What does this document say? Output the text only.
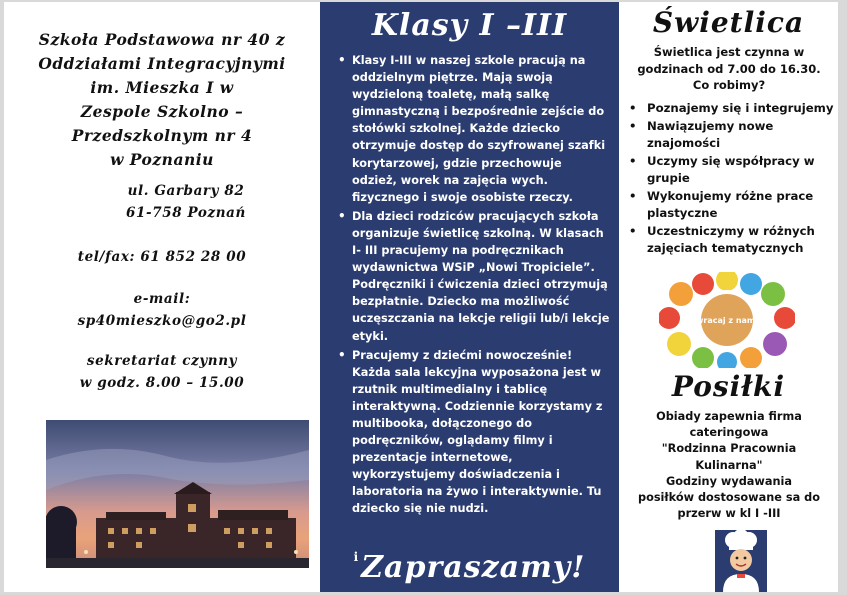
Szkoła Podstawowa nr 40 z
Oddziałami Integracyjnymi
im. Mieszka I w
Zespole Szkolno –
Przedszkolnym nr 4
w Poznaniu
ul. Garbary 82
61-758 Poznań
tel/fax: 61 852 28 00
e-mail:
sp40mieszko@go2.pl
sekretariat czynny
w godz. 8.00 – 15.00
Klasy I –III
• Klasy I-III w naszej szkole pracują na oddzielnym piętrze. Mają swoją wydzieloną toaletę, małą salkę gimnastyczną i bezpośrednie zejście do stołówki szkolnej. Każde dziecko otrzymuje dostęp do szyfrowanej szafki korytarzowej, gdzie przechowuje odzież, worek na zajęcia wych. fizycznego i swoje osobiste rzeczy.
• Dla dzieci rodziców pracujących szkoła organizuje świetlicę szkolną. W klasach I- III pracujemy na podręcznikach wydawnictwa WSiP „Nowi Tropiciele”. Podręczniki i ćwiczenia dzieci otrzymują bezpłatnie. Dziecko ma możliwość uczęszczania na lekcje religii lub/i lekcje etyki.
• Pracujemy z dziećmi nowocześnie! Każda sala lekcyjna wyposażona jest w rzutnik multimedialny i tablicę interaktywną. Codziennie korzystamy z multibooka, dołączonego do podręczników, oglądamy filmy i prezentacje internetowe, wykorzystujemy doświadczenia i laboratoria na żywo i interaktywnie. Tu dziecko się nie nudzi.
$^i$Zapraszamy!
Świetlica
Świetlica jest czynna w
godzinach od 7.00 do 16.30.
Co robimy?
• Poznajemy się i integrujemy
• Nawiązujemy nowe znajomości
• Uczymy się współpracy w grupie
• Wykonujemy różne prace plastyczne
• Uczestniczymy w różnych zajęciach tematycznych
wracaj z nami
Posiłki

Obiady zapewnia firma

cateringowa

"Rodzinna Pracownia

Kulinarna"

Godziny wydawania

posiłków dostosowane sa do

przerw w kl I -III
